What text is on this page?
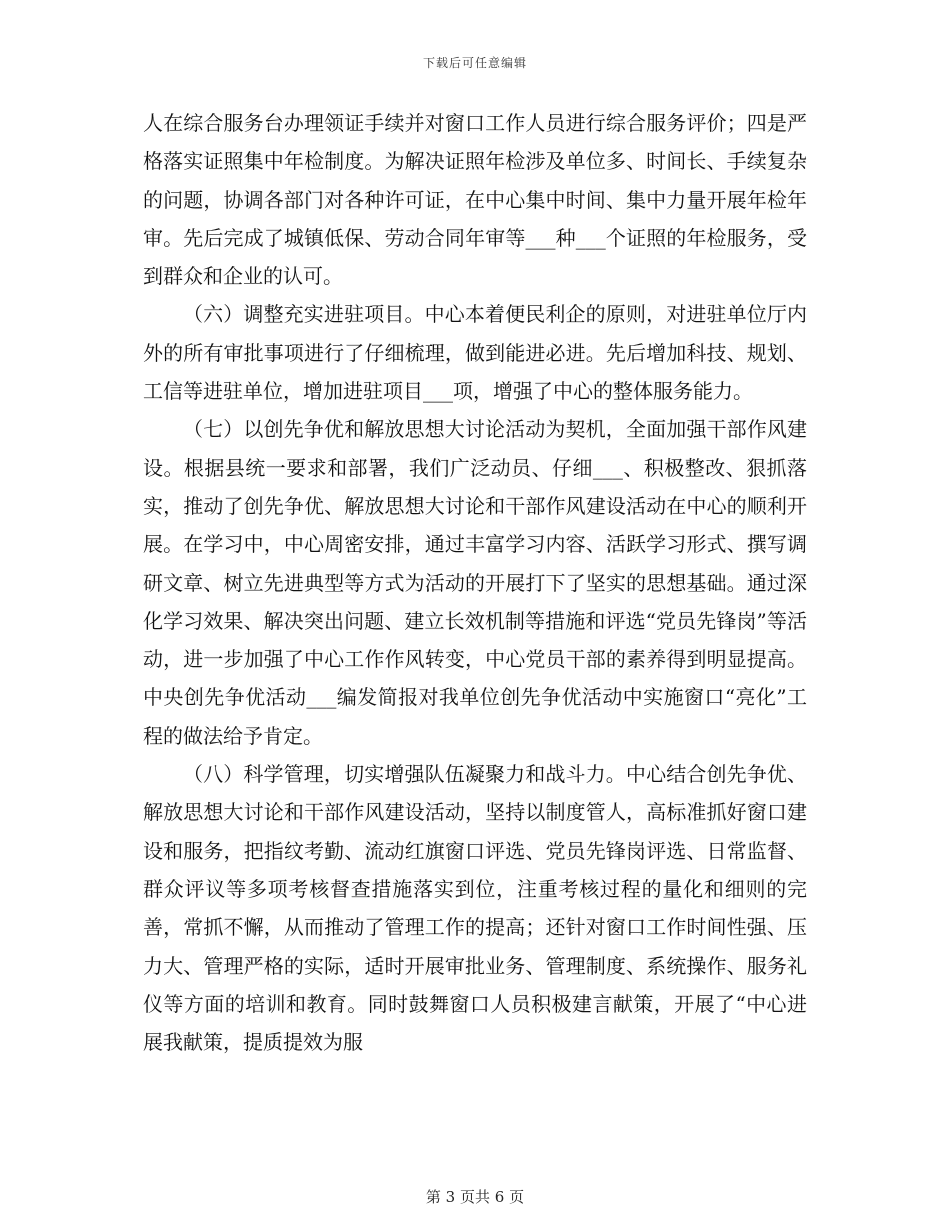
下载后可任意编辑

人在综合服务台办理领证手续并对窗口工作人员进行综合服务评价；四是严格落实证照集中年检制度。为解决证照年检涉及单位多、时间长、手续复杂的问题，协调各部门对各种许可证，在中心集中时间、集中力量开展年检年审。先后完成了城镇低保、劳动合同年审等___种___个证照的年检服务，受到群众和企业的认可。

（六）调整充实进驻项目。中心本着便民利企的原则，对进驻单位厅内外的所有审批事项进行了仔细梳理，做到能进必进。先后增加科技、规划、工信等进驻单位，增加进驻项目___项，增强了中心的整体服务能力。

（七）以创先争优和解放思想大讨论活动为契机，全面加强干部作风建设。根据县统一要求和部署，我们广泛动员、仔细___、积极整改、狠抓落实，推动了创先争优、解放思想大讨论和干部作风建设活动在中心的顺利开展。在学习中，中心周密安排，通过丰富学习内容、活跃学习形式、撰写调研文章、树立先进典型等方式为活动的开展打下了坚实的思想基础。通过深化学习效果、解决突出问题、建立长效机制等措施和评选“党员先锋岗”等活动，进一步加强了中心工作作风转变，中心党员干部的素养得到明显提高。中央创先争优活动___编发简报对我单位创先争优活动中实施窗口“亮化”工程的做法给予肯定。

（八）科学管理，切实增强队伍凝聚力和战斗力。中心结合创先争优、解放思想大讨论和干部作风建设活动，坚持以制度管人，高标准抓好窗口建设和服务，把指纹考勤、流动红旗窗口评选、党员先锋岗评选、日常监督、群众评议等多项考核督查措施落实到位，注重考核过程的量化和细则的完善，常抓不懈，从而推动了管理工作的提高；还针对窗口工作时间性强、压力大、管理严格的实际，适时开展审批业务、管理制度、系统操作、服务礼仪等方面的培训和教育。同时鼓舞窗口人员积极建言献策，开展了“中心进展我献策，提质提效为服

第 3 页共 6 页
